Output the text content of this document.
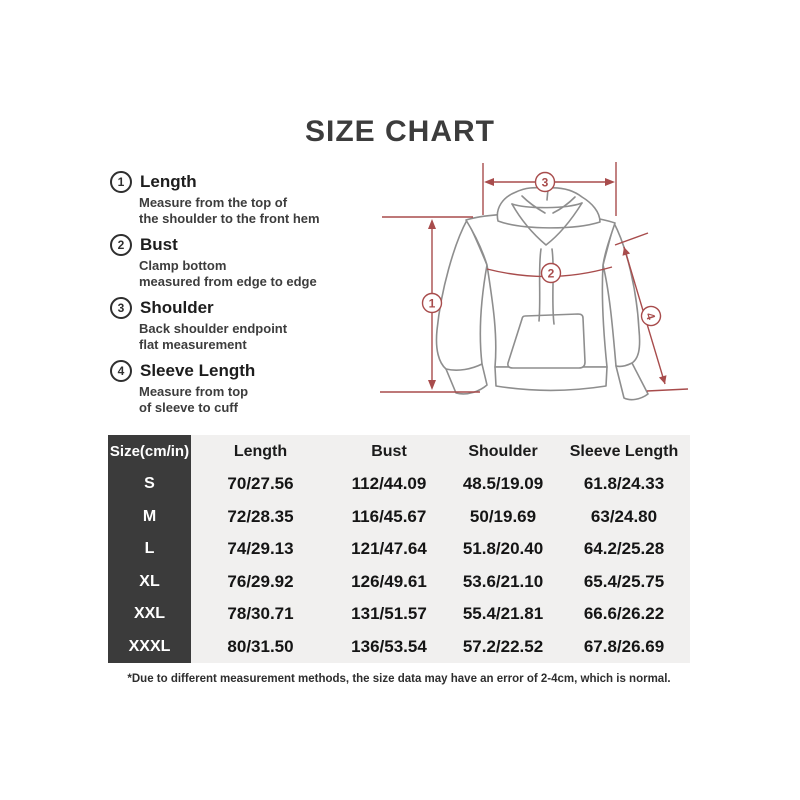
SIZE CHART
1 Length
Measure from the top of
the shoulder to the front hem
2 Bust
Clamp bottom
measured from edge to edge
3 Shoulder
Back shoulder endpoint
flat measurement
4 Sleeve Length
Measure from top
of sleeve to cuff
3
1
2
4
Size(cm/in)	Length	Bust	Shoulder	Sleeve Length
S	70/27.56	112/44.09	48.5/19.09	61.8/24.33
M	72/28.35	116/45.67	50/19.69	63/24.80
L	74/29.13	121/47.64	51.8/20.40	64.2/25.28
XL	76/29.92	126/49.61	53.6/21.10	65.4/25.75
XXL	78/30.71	131/51.57	55.4/21.81	66.6/26.22
XXXL	80/31.50	136/53.54	57.2/22.52	67.8/26.69
*Due to different measurement methods, the size data may have an error of 2-4cm, which is normal.
